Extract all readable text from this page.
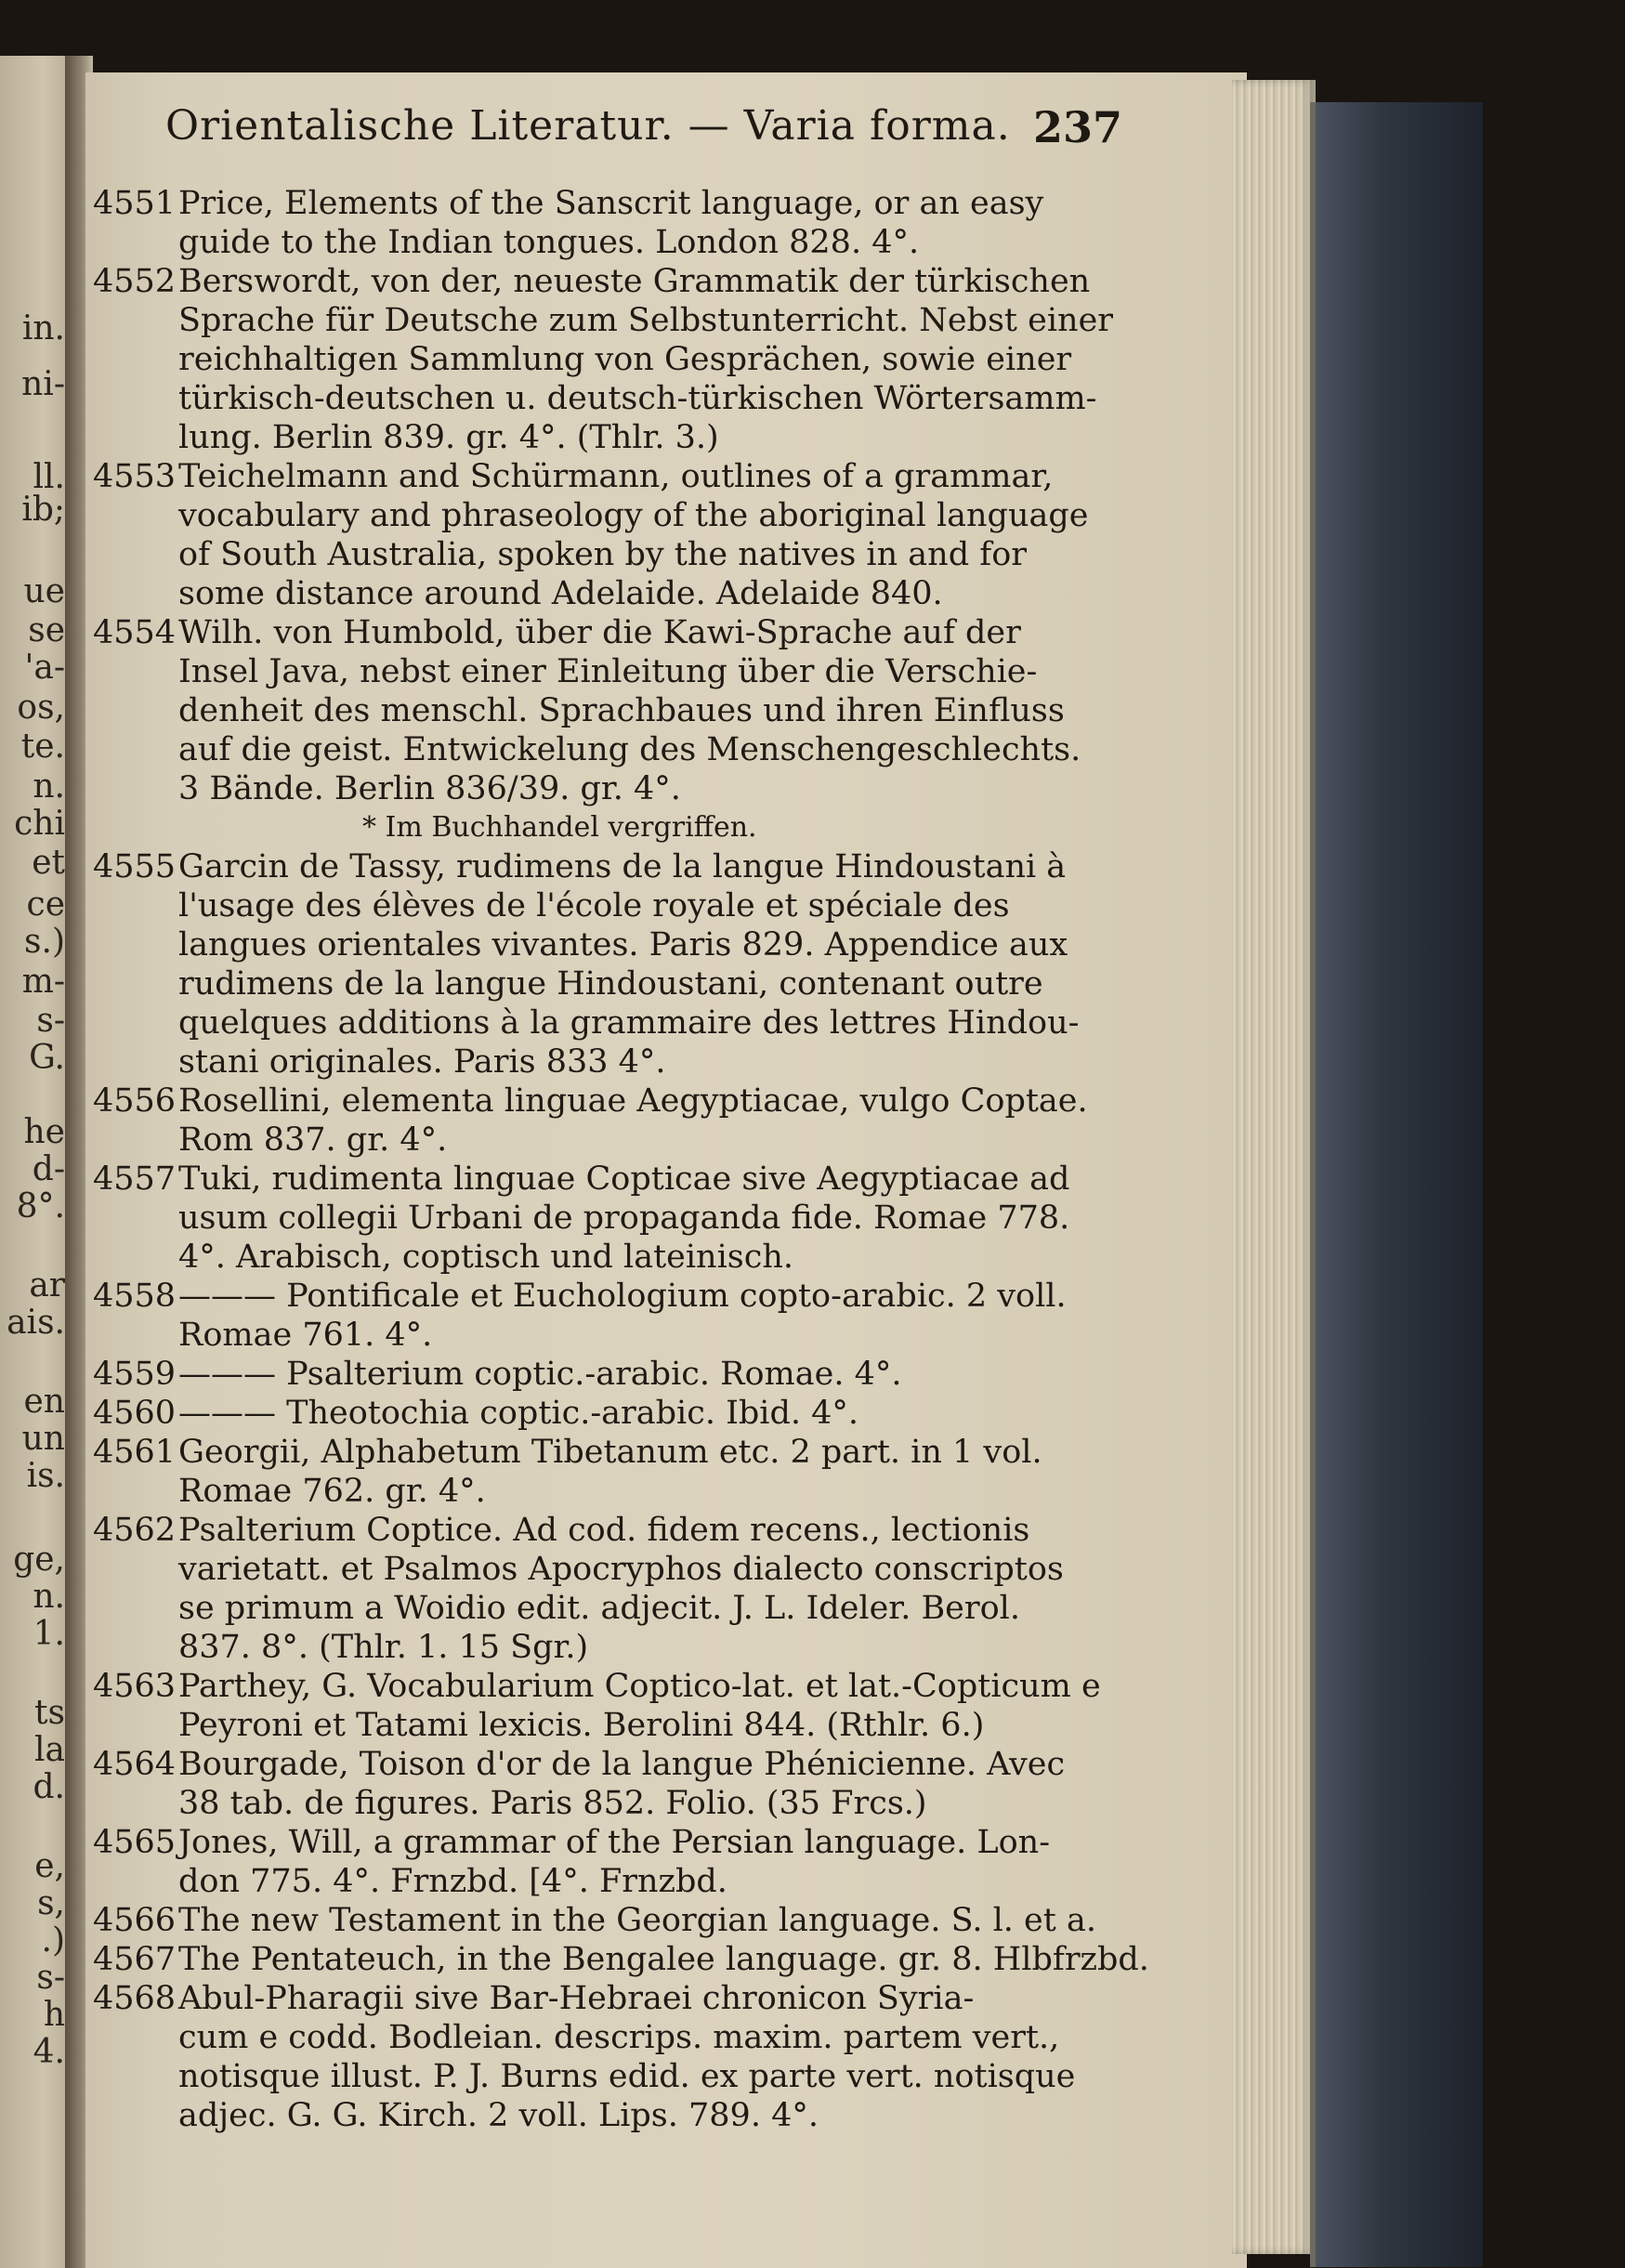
in.
ni-
ll.
ib;
ue
se
'a-
os,
te.
n.
chi
et
ce
s.)
m-
s-
G.
he
d-
8°.
ar
ais.
en
un
is.
ge,
n.
1.
ts
la
d.
e,
s,
.)
s-
h
4.
Orientalische Literatur. — Varia forma. 237
4551 Price, Elements of the Sanscrit language, or an easy
guide to the Indian tongues. London 828. 4°.
4552 Berswordt, von der, neueste Grammatik der türkischen
Sprache für Deutsche zum Selbstunterricht. Nebst einer
reichhaltigen Sammlung von Gesprächen, sowie einer
türkisch-deutschen u. deutsch-türkischen Wörtersamm-
lung. Berlin 839. gr. 4°. (Thlr. 3.)
4553 Teichelmann and Schürmann, outlines of a grammar,
vocabulary and phraseology of the aboriginal language
of South Australia, spoken by the natives in and for
some distance around Adelaide. Adelaide 840.
4554 Wilh. von Humbold, über die Kawi-Sprache auf der
Insel Java, nebst einer Einleitung über die Verschie-
denheit des menschl. Sprachbaues und ihren Einfluss
auf die geist. Entwickelung des Menschengeschlechts.
3 Bände. Berlin 836/39. gr. 4°.
* Im Buchhandel vergriffen.
4555 Garcin de Tassy, rudimens de la langue Hindoustani à
l'usage des élèves de l'école royale et spéciale des
langues orientales vivantes. Paris 829. Appendice aux
rudimens de la langue Hindoustani, contenant outre
quelques additions à la grammaire des lettres Hindou-
stani originales. Paris 833 4°.
4556 Rosellini, elementa linguae Aegyptiacae, vulgo Coptae.
Rom 837. gr. 4°.
4557 Tuki, rudimenta linguae Copticae sive Aegyptiacae ad
usum collegii Urbani de propaganda fide. Romae 778.
4°. Arabisch, coptisch und lateinisch.
4558 ——— Pontificale et Euchologium copto-arabic. 2 voll.
Romae 761. 4°.
4559 ——— Psalterium coptic.-arabic. Romae. 4°.
4560 ——— Theotochia coptic.-arabic. Ibid. 4°.
4561 Georgii, Alphabetum Tibetanum etc. 2 part. in 1 vol.
Romae 762. gr. 4°.
4562 Psalterium Coptice. Ad cod. fidem recens., lectionis
varietatt. et Psalmos Apocryphos dialecto conscriptos
se primum a Woidio edit. adjecit. J. L. Ideler. Berol.
837. 8°. (Thlr. 1. 15 Sgr.)
4563 Parthey, G. Vocabularium Coptico-lat. et lat.-Copticum e
Peyroni et Tatami lexicis. Berolini 844. (Rthlr. 6.)
4564 Bourgade, Toison d'or de la langue Phénicienne. Avec
38 tab. de figures. Paris 852. Folio. (35 Frcs.)
4565 Jones, Will, a grammar of the Persian language. Lon-
don 775. 4°. Frnzbd. [4°. Frnzbd.
4566 The new Testament in the Georgian language. S. l. et a.
4567 The Pentateuch, in the Bengalee language. gr. 8. Hlbfrzbd.
4568 Abul-Pharagii sive Bar-Hebraei chronicon Syria-
cum e codd. Bodleian. descrips. maxim. partem vert.,
notisque illust. P. J. Burns edid. ex parte vert. notisque
adjec. G. G. Kirch. 2 voll. Lips. 789. 4°.
